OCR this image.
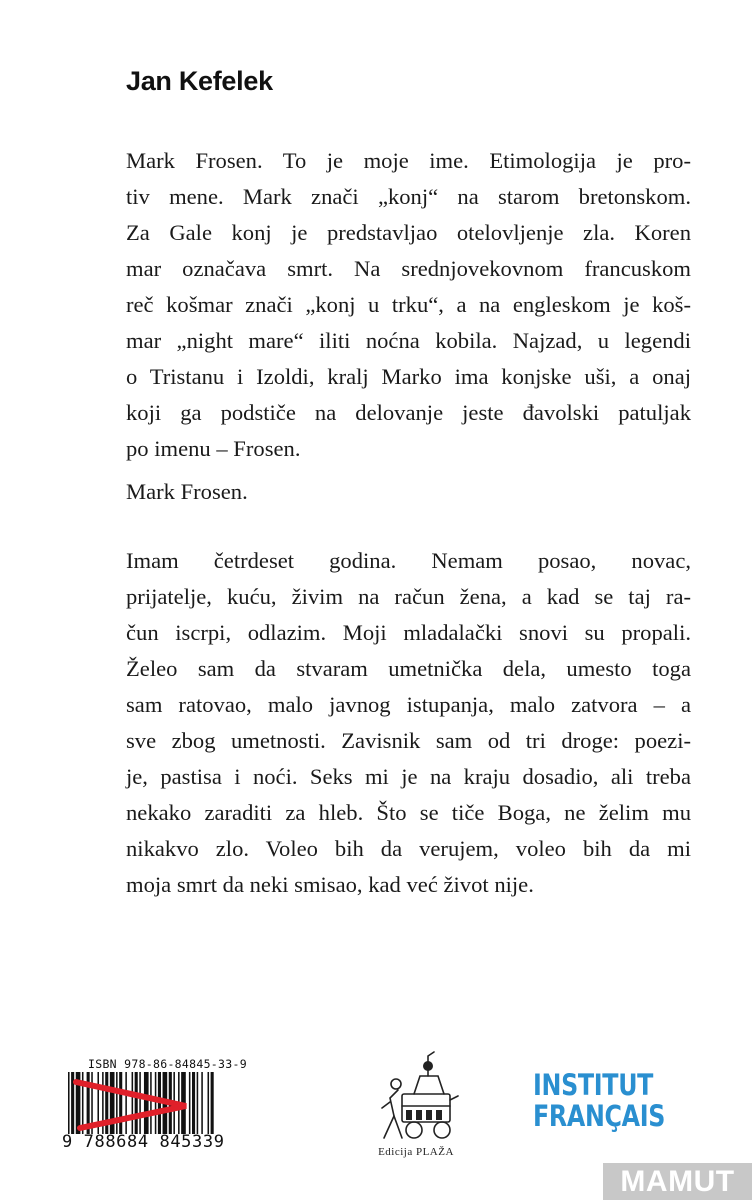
Jan Kefelek
Mark Frosen. To je moje ime. Etimologija je pro-
tiv mene. Mark znači „konj“ na starom bretonskom.
Za Gale konj je predstavljao otelovljenje zla. Koren
mar označava smrt. Na srednjovekovnom francuskom
reč košmar znači „konj u trku“, a na engleskom je koš-
mar „night mare“ iliti noćna kobila. Najzad, u legendi
o Tristanu i Izoldi, kralj Marko ima konjske uši, a onaj
koji ga podstiče na delovanje jeste đavolski patuljak
po imenu – Frosen.
Mark Frosen.
Imam četrdeset godina. Nemam posao, novac,
prijatelje, kuću, živim na račun žena, a kad se taj ra-
čun iscrpi, odlazim. Moji mladalački snovi su propali.
Želeo sam da stvaram umetnička dela, umesto toga
sam ratovao, malo javnog istupanja, malo zatvora – a
sve zbog umetnosti. Zavisnik sam od tri droge: poezi-
je, pastisa i noći. Seks mi je na kraju dosadio, ali treba
nekako zaraditi za hleb. Što se tiče Boga, ne želim mu
nikakvo zlo. Voleo bih da verujem, voleo bih da mi
moja smrt da neki smisao, kad već život nije.
ISBN 978-86-84845-33-9
9 788684 845339	Edicija PLAŽA
INSTITUT
FRANÇAIS
MAMUT
